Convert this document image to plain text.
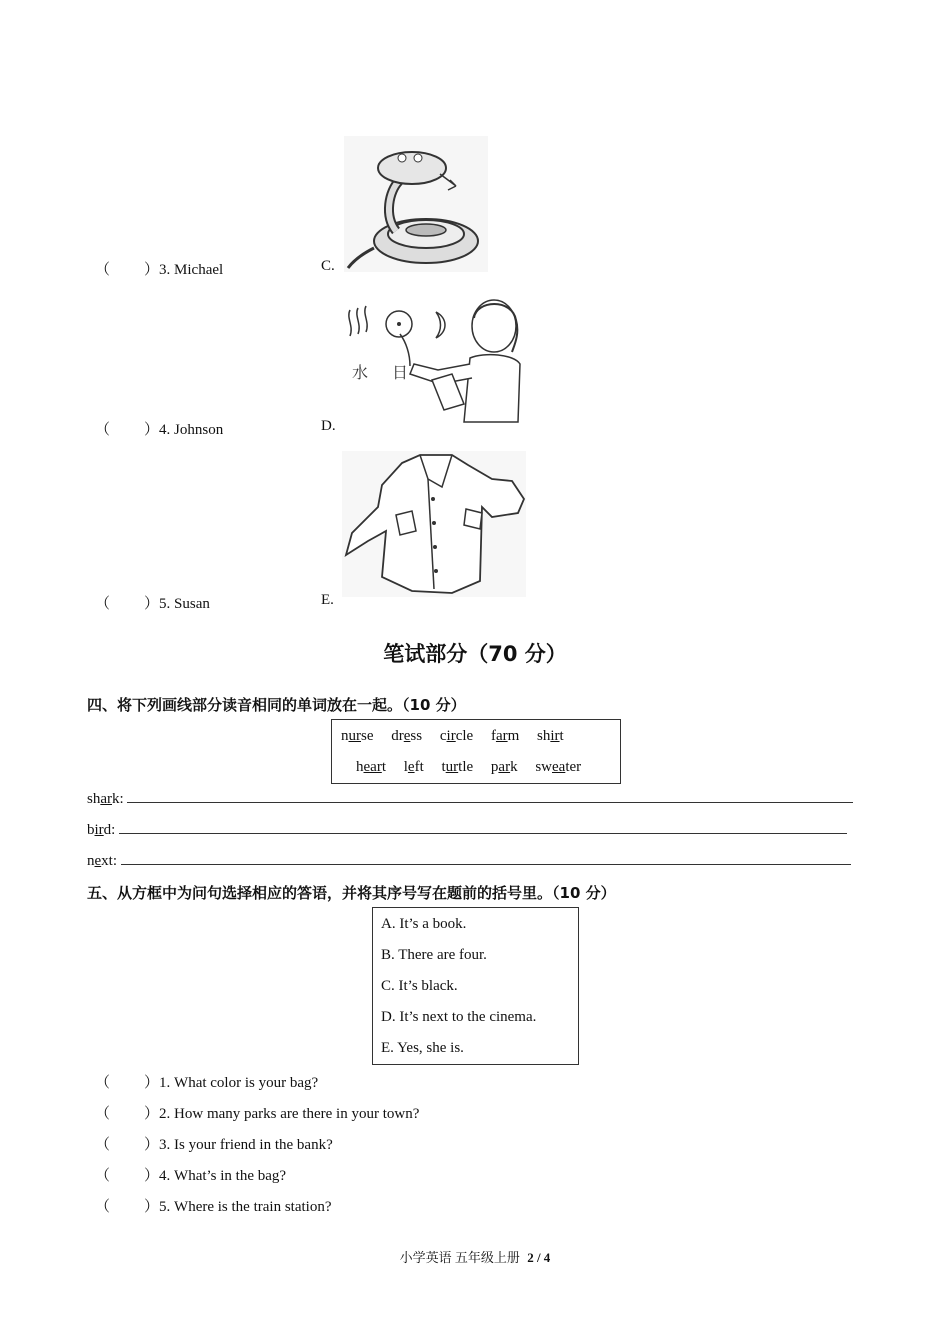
（ ）3. Michael	C.
水 日
（ ）4. Johnson	D.
（ ）5. Susan	E.
笔试部分（70 分）
四、将下列画线部分读音相同的单词放在一起。（10 分）
nurse dress circle farm shirt
heart left turtle park sweater
shark:
bird:
next:
五、从方框中为问句选择相应的答语，并将其序号写在题前的括号里。（10 分）
A. It’s a book.
B. There are four.
C. It’s black.
D. It’s next to the cinema.
E. Yes, she is.
（ ）1. What color is your bag?
（ ）2. How many parks are there in your town?
（ ）3. Is your friend in the bank?
（ ）4. What’s in the bag?
（ ）5. Where is the train station?
小学英语 五年级上册 2 / 4
